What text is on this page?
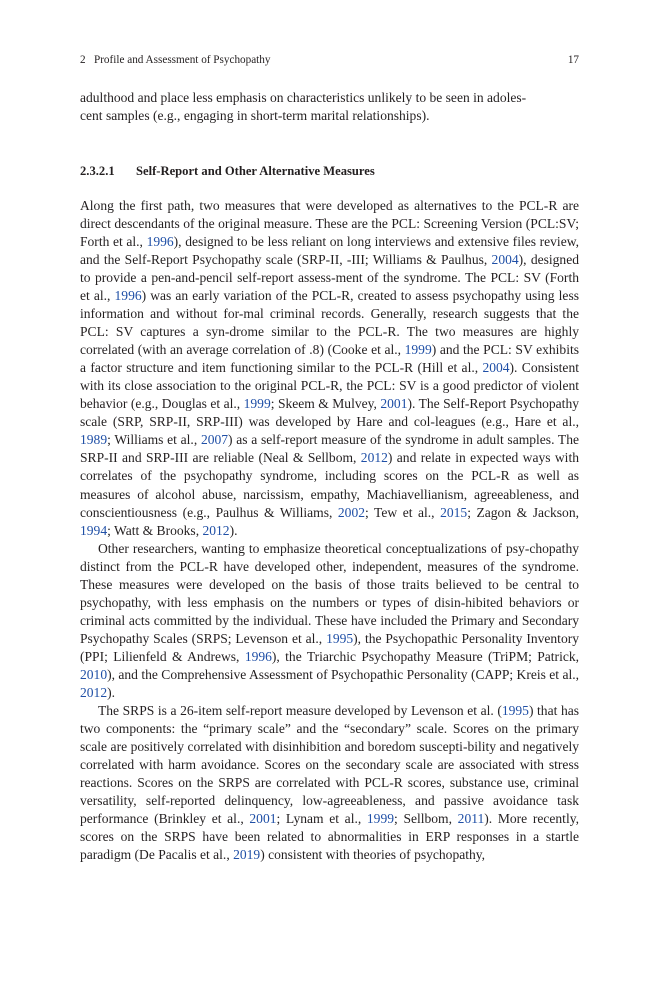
2   Profile and Assessment of Psychopathy	17

adulthood and place less emphasis on characteristics unlikely to be seen in adoles-
cent samples (e.g., engaging in short-term marital relationships).

2.3.2.1 Self-Report and Other Alternative Measures

Along the first path, two measures that were developed as alternatives to the PCL-R are direct descendants of the original measure. These are the PCL: Screening Version (PCL:SV; Forth et al., 1996), designed to be less reliant on long interviews and extensive files review, and the Self-Report Psychopathy scale (SRP-II, -III; Williams & Paulhus, 2004), designed to provide a pen-and-pencil self-report assess-ment of the syndrome. The PCL: SV (Forth et al., 1996) was an early variation of the PCL-R, created to assess psychopathy using less information and without for-mal criminal records. Generally, research suggests that the PCL: SV captures a syn-drome similar to the PCL-R. The two measures are highly correlated (with an average correlation of .8) (Cooke et al., 1999) and the PCL: SV exhibits a factor structure and item functioning similar to the PCL-R (Hill et al., 2004). Consistent with its close association to the original PCL-R, the PCL: SV is a good predictor of violent behavior (e.g., Douglas et al., 1999; Skeem & Mulvey, 2001). The Self-Report Psychopathy scale (SRP, SRP-II, SRP-III) was developed by Hare and col-leagues (e.g., Hare et al., 1989; Williams et al., 2007) as a self-report measure of the syndrome in adult samples. The SRP-II and SRP-III are reliable (Neal & Sellbom, 2012) and relate in expected ways with correlates of the psychopathy syndrome, including scores on the PCL-R as well as measures of alcohol abuse, narcissism, empathy, Machiavellianism, agreeableness, and conscientiousness (e.g., Paulhus & Williams, 2002; Tew et al., 2015; Zagon & Jackson, 1994; Watt & Brooks, 2012).

Other researchers, wanting to emphasize theoretical conceptualizations of psy-chopathy distinct from the PCL-R have developed other, independent, measures of the syndrome. These measures were developed on the basis of those traits believed to be central to psychopathy, with less emphasis on the numbers or types of disin-hibited behaviors or criminal acts committed by the individual. These have included the Primary and Secondary Psychopathy Scales (SRPS; Levenson et al., 1995), the Psychopathic Personality Inventory (PPI; Lilienfeld & Andrews, 1996), the Triarchic Psychopathy Measure (TriPM; Patrick, 2010), and the Comprehensive Assessment of Psychopathic Personality (CAPP; Kreis et al., 2012).

The SRPS is a 26-item self-report measure developed by Levenson et al. (1995) that has two components: the “primary scale” and the “secondary” scale. Scores on the primary scale are positively correlated with disinhibition and boredom suscepti-bility and negatively correlated with harm avoidance. Scores on the secondary scale are associated with stress reactions. Scores on the SRPS are correlated with PCL-R scores, substance use, criminal versatility, self-reported delinquency, low-agreeableness, and passive avoidance task performance (Brinkley et al., 2001; Lynam et al., 1999; Sellbom, 2011). More recently, scores on the SRPS have been related to abnormalities in ERP responses in a startle paradigm (De Pacalis et al., 2019) consistent with theories of psychopathy,
